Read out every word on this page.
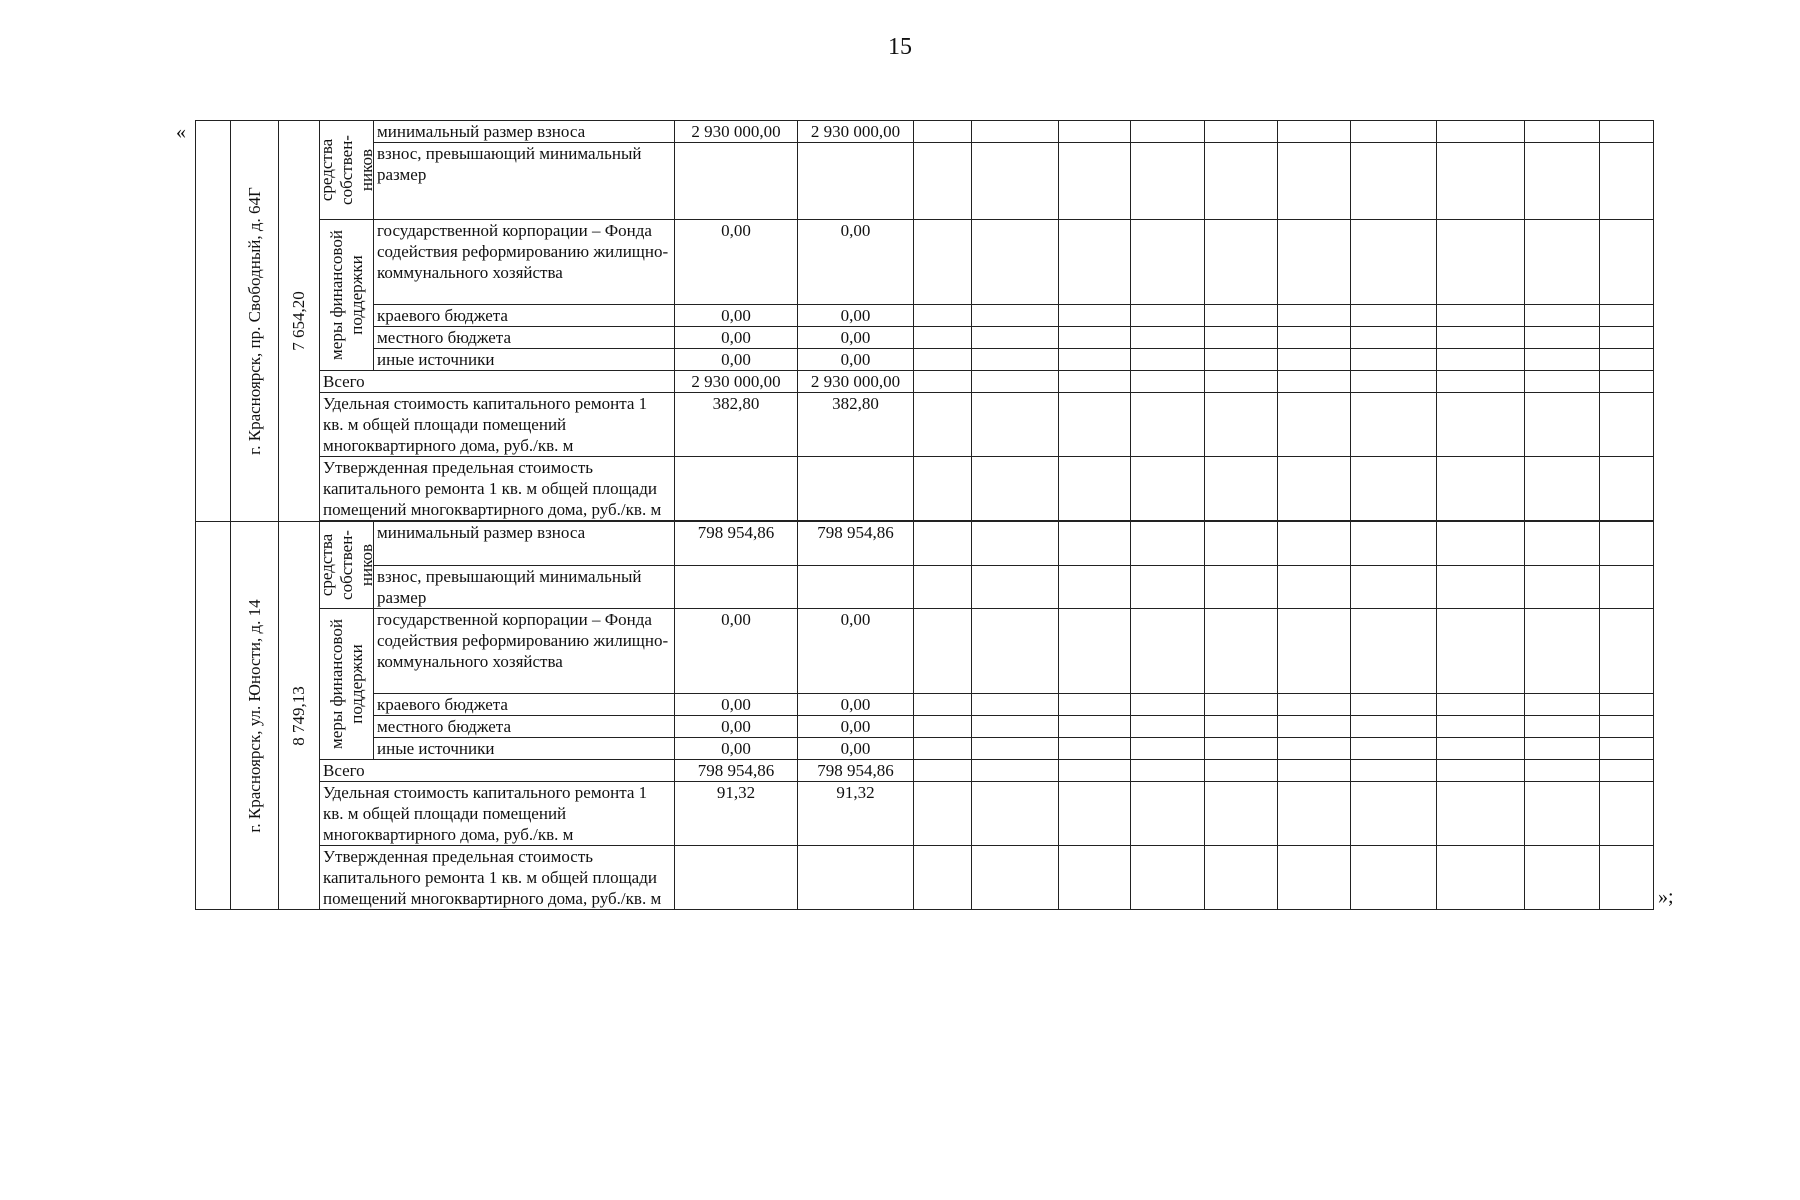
15
«
»;

	г. Красноярск, пр. Свободный, д. 64Г	7 654,20	средства собствен-ников	минимальный размер взноса	2 930 000,00	2 930 000,00										
				взнос, превышающий минимальный размер												

			меры финансовой поддержки	государственной корпорации – Фонда содействия реформированию жилищно-коммунального хозяйства	0,00	0,00										
				краевого бюджета	0,00	0,00										
				местного бюджета	0,00	0,00										
				иные источники	0,00	0,00										
			Всего		2 930 000,00	2 930 000,00										
			Удельная стоимость капитального ремонта 1 кв. м общей площади помещений многоквартирного дома, руб./кв. м		382,80	382,80										
			Утвержденная предельная стоимость капитального ремонта 1 кв. м общей площади помещений многоквартирного дома, руб./кв. м													

	г. Красноярск, ул. Юности, д. 14	8 749,13	средства собствен-ников	минимальный размер взноса	798 954,86	798 954,86										
				взнос, превышающий минимальный размер												

			меры финансовой поддержки	государственной корпорации – Фонда содействия реформированию жилищно-коммунального хозяйства	0,00	0,00										
				краевого бюджета	0,00	0,00										
				местного бюджета	0,00	0,00										
				иные источники	0,00	0,00										
			Всего		798 954,86	798 954,86										
			Удельная стоимость капитального ремонта 1 кв. м общей площади помещений многоквартирного дома, руб./кв. м		91,32	91,32										
			Утвержденная предельная стоимость капитального ремонта 1 кв. м общей площади помещений многоквартирного дома, руб./кв. м													
